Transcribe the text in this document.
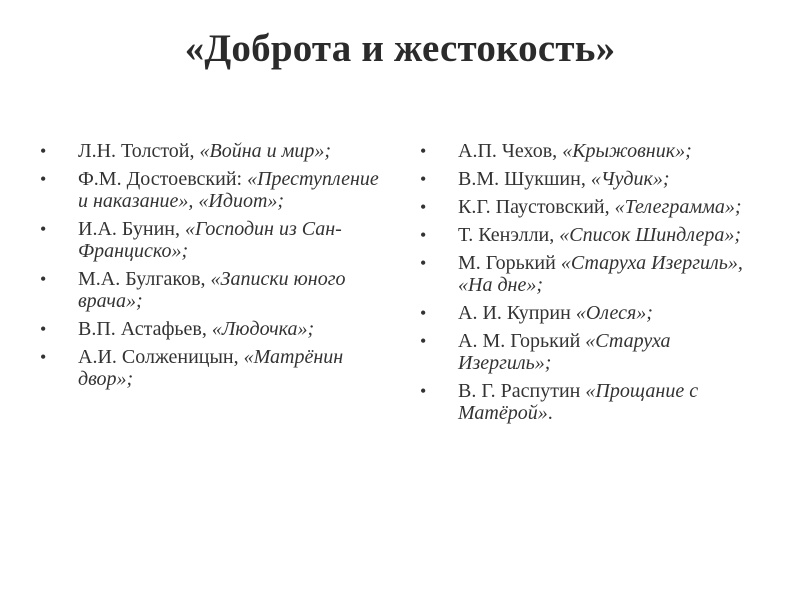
«Доброта и жестокость»
• Л.Н. Толстой, «Война и мир»;
• Ф.М. Достоевский: «Преступление и наказание», «Идиот»;
• И.А. Бунин, «Господин из Сан-Франциско»;
• М.А. Булгаков, «Записки юного врача»;
• В.П. Астафьев, «Людочка»;
• А.И. Солженицын, «Матрёнин двор»;
• А.П. Чехов, «Крыжовник»;
• В.М. Шукшин, «Чудик»;
• К.Г. Паустовский, «Телеграмма»;
• Т. Кенэлли, «Список Шиндлера»;
• М. Горький «Старуха Изергиль», «На дне»;
• А. И. Куприн «Олеся»;
• А. М. Горький «Старуха Изергиль»;
• В. Г. Распутин «Прощание с Матёрой».
